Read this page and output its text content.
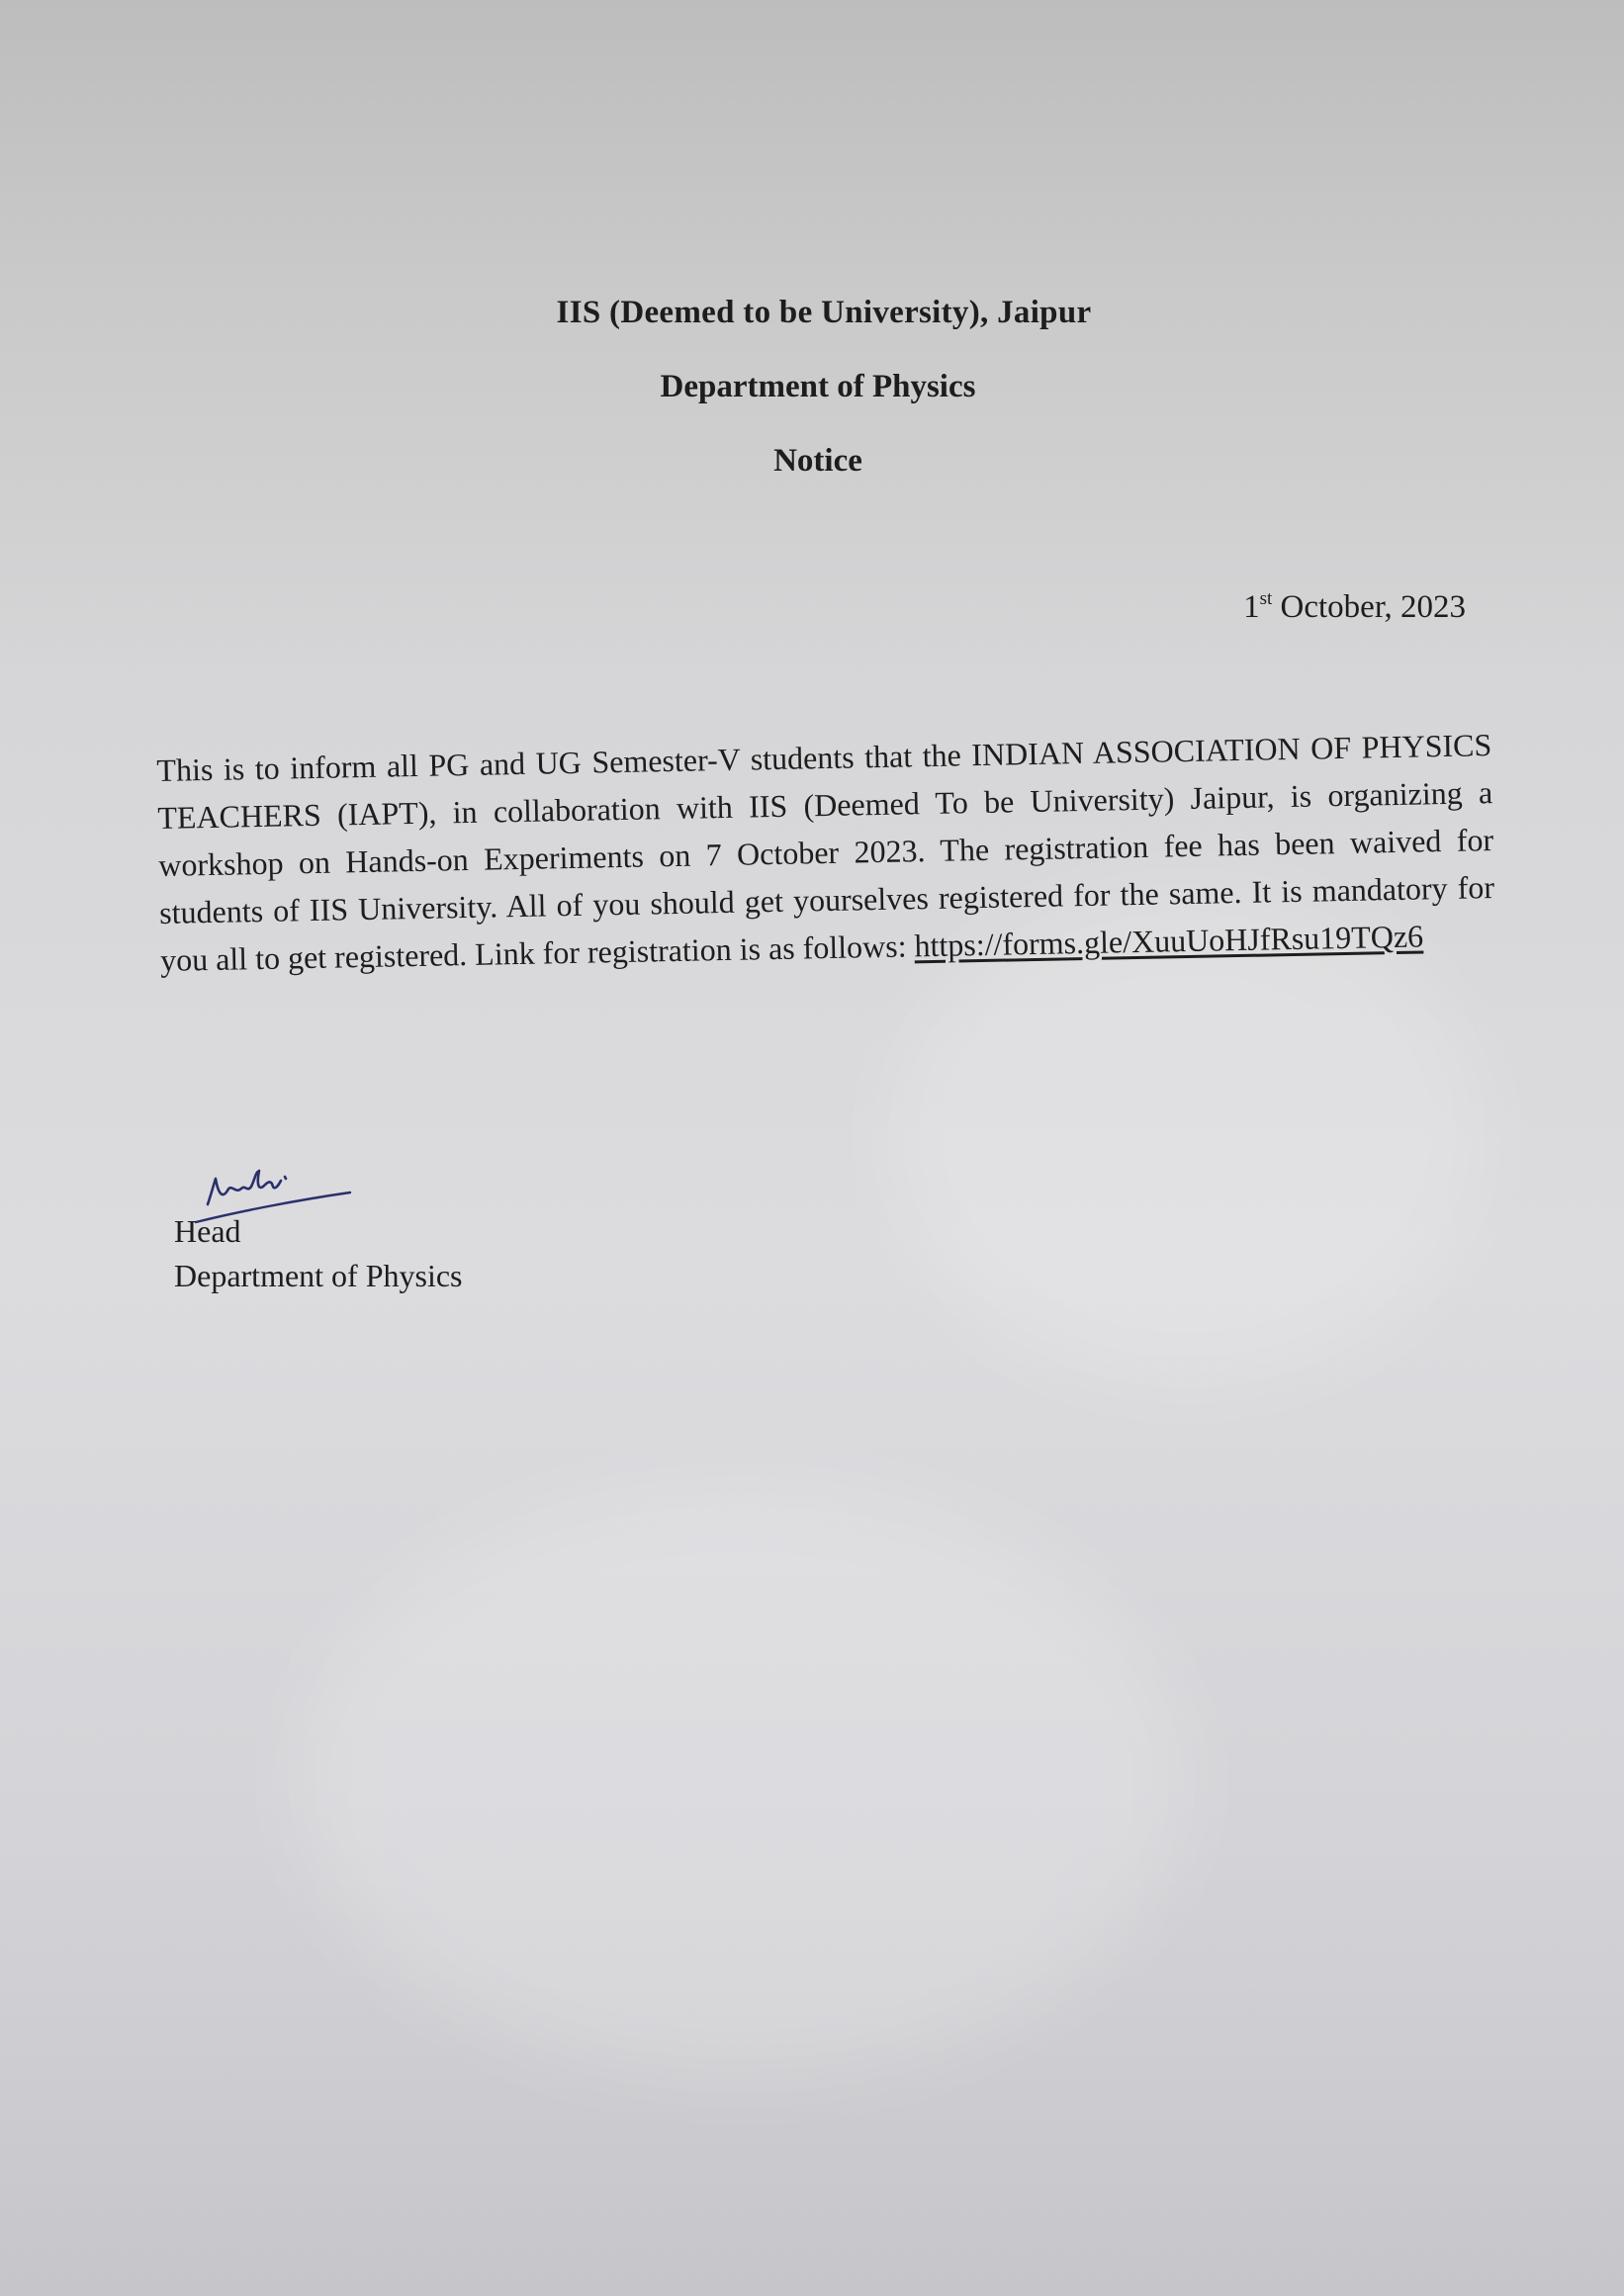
IIS (Deemed to be University), Jaipur
Department of Physics
Notice
1st October, 2023
This is to inform all PG and UG Semester-V students that the INDIAN ASSOCIATION OF PHYSICS TEACHERS (IAPT), in collaboration with IIS (Deemed To be University) Jaipur, is organizing a workshop on Hands-on Experiments on 7 October 2023. The registration fee has been waived for students of IIS University. All of you should get yourselves registered for the same. It is mandatory for you all to get registered. Link for registration is as follows: https://forms.gle/XuuUoHJfRsu19TQz6
Head
Department of Physics
